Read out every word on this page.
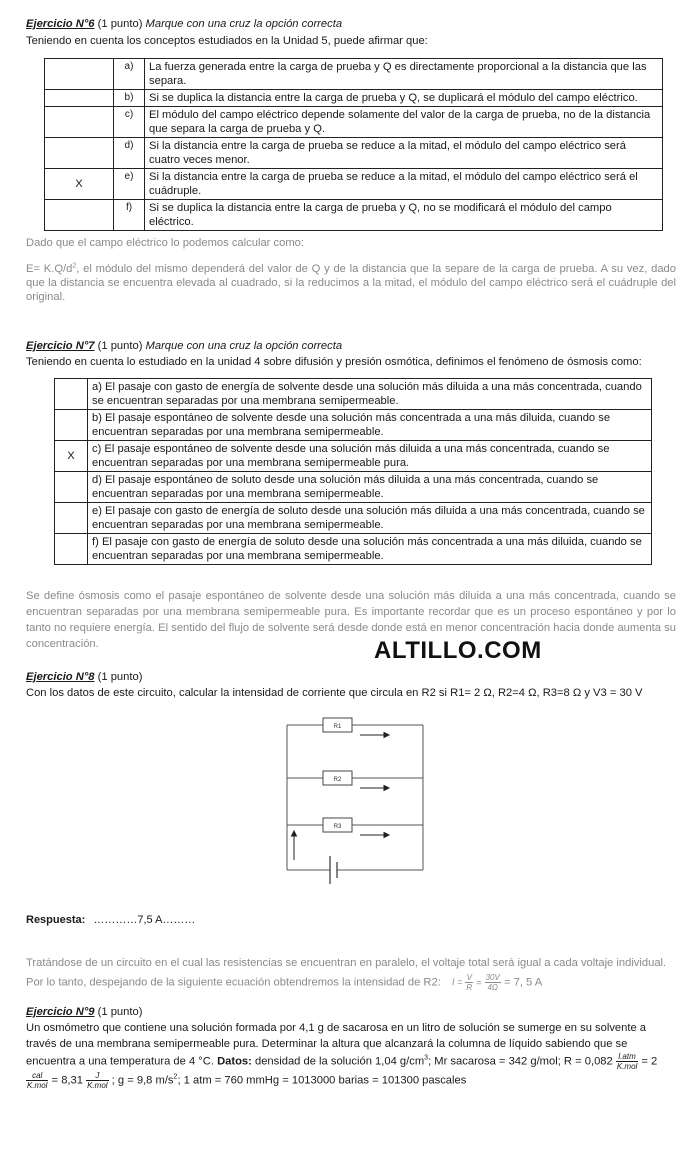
Ejercicio N°6 (1 punto) Marque con una cruz la opción correcta
Teniendo en cuenta los conceptos estudiados en la Unidad 5, puede afirmar que:
	a)	La fuerza generada entre la carga de prueba y Q es directamente proporcional a la distancia que las separa.
	b)	Si se duplica la distancia entre la carga de prueba y Q, se duplicará el módulo del campo eléctrico.
	c)	El módulo del campo eléctrico depende solamente del valor de la carga de prueba, no de la distancia que separa la carga de prueba y Q.
	d)	Si la distancia entre la carga de prueba se reduce a la mitad, el módulo del campo eléctrico será cuatro veces menor.
X	e)	Si la distancia entre la carga de prueba se reduce a la mitad, el módulo del campo eléctrico será el cuádruple.
	f)	Si se duplica la distancia entre la carga de prueba y Q, no se modificará el módulo del campo eléctrico.
Dado que el campo eléctrico lo podemos calcular como:
$E= K.Q/d^2$, el módulo del mismo dependerá del valor de Q y de la distancia que la separe de la carga de prueba. A su vez, dado que la distancia se encuentra elevada al cuadrado, si la reducimos a la mitad, el módulo del campo eléctrico será el cuádruple del original.
Ejercicio N°7 (1 punto) Marque con una cruz la opción correcta
Teniendo en cuenta lo estudiado en la unidad 4 sobre difusión y presión osmótica, definimos el fenómeno de ósmosis como:
	a) El pasaje con gasto de energía de solvente desde una solución más diluida a una más concentrada, cuando se encuentran separadas por una membrana semipermeable.
	b) El pasaje espontáneo de solvente desde una solución más concentrada a una más diluida, cuando se encuentran separadas por una membrana semipermeable.
X	c) El pasaje espontáneo de solvente desde una solución más diluida a una más concentrada, cuando se encuentran separadas por una membrana semipermeable pura.
	d) El pasaje espontáneo de soluto desde una solución más diluida a una más concentrada, cuando se encuentran separadas por una membrana semipermeable.
	e) El pasaje con gasto de energía de soluto desde una solución más diluida a una más concentrada, cuando se encuentran separadas por una membrana semipermeable.
	f) El pasaje con gasto de energía de soluto desde una solución más concentrada a una más diluida, cuando se encuentran separadas por una membrana semipermeable.
Se define ósmosis como el pasaje espontáneo de solvente desde una solución más diluida a una más concentrada, cuando se encuentran separadas por una membrana semipermeable pura. Es importante recordar que es un proceso espontáneo y por lo tanto no requiere energía. El sentido del flujo de solvente será desde donde está en menor concentración hacia donde aumenta su concentración.	ALTILLO.COM
Ejercicio N°8 (1 punto)
Con los datos de este circuito, calcular la intensidad de corriente que circula en R2 si R1= 2 Ω, R2=4 Ω, R3=8 Ω y V3 = 30 V
R1
R2
R3
Respuesta: …………7,5 A………
Tratándose de un circuito en el cual las resistencias se encuentran en paralelo, el voltaje total será igual a cada voltaje individual.
Por lo tanto, despejando de la siguiente ecuación obtendremos la intensidad de R2: $I = \frac{V}{R} = \frac{30V}{4\Omega} = 7$, 5 A
Ejercicio N°9 (1 punto)
Un osmómetro que contiene una solución formada por 4,1 g de sacarosa en un litro de solución se sumerge en su solvente a través de una membrana semipermeable pura. Determinar la altura que alcanzará la columna de líquido sabiendo que se encuentra a una temperatura de 4 °C. Datos: densidad de la solución 1,04 $g/cm^3$; Mr sacarosa = 342 g/mol; $R = 0,082 \frac{\text{l.atm}}{\text{K.mol}} = 2$
$\frac{\text{cal}}{\text{K.mol}} = 8,31 \frac{J}{\text{K.mol}}$ ; g = 9,8 $m/s^2$; 1 atm = 760 mmHg = 1013000 barias = 101300 pascales
